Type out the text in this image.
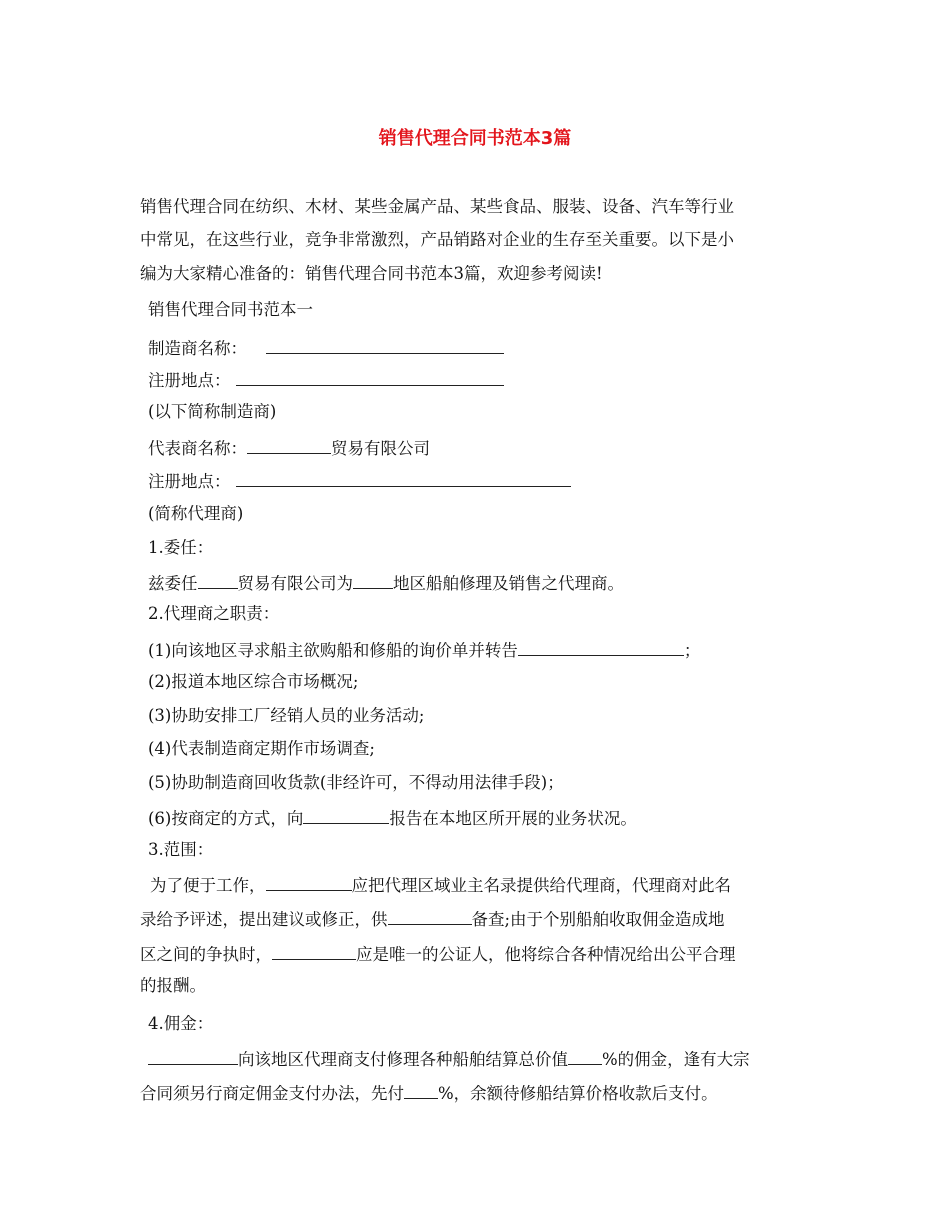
销售代理合同书范本3篇
销售代理合同在纺织、木材、某些金属产品、某些食品、服装、设备、汽车等行业
中常见，在这些行业，竞争非常激烈，产品销路对企业的生存至关重要。以下是小
编为大家精心准备的：销售代理合同书范本3篇，欢迎参考阅读!
销售代理合同书范本一
制造商名称：
注册地点：
(以下简称制造商)
代表商名称：	贸易有限公司
注册地点：
(简称代理商)
1.委任：
兹委任 贸易有限公司为 地区船舶修理及销售之代理商。
2.代理商之职责：
(1)向该地区寻求船主欲购船和修船的询价单并转告	；
(2)报道本地区综合市场概况;
(3)协助安排工厂经销人员的业务活动;
(4)代表制造商定期作市场调查;
(5)协助制造商回收货款(非经许可，不得动用法律手段)；
(6)按商定的方式，向	报告在本地区所开展的业务状况。
3.范围：
为了便于工作，	应把代理区域业主名录提供给代理商，代理商对此名
录给予评述，提出建议或修正，供	备查;由于个别船舶收取佣金造成地
区之间的争执时，	应是唯一的公证人，他将综合各种情况给出公平合理
的报酬。
4.佣金：
向该地区代理商支付修理各种船舶结算总价值 %的佣金，逢有大宗
合同须另行商定佣金支付办法，先付 %，余额待修船结算价格收款后支付。
